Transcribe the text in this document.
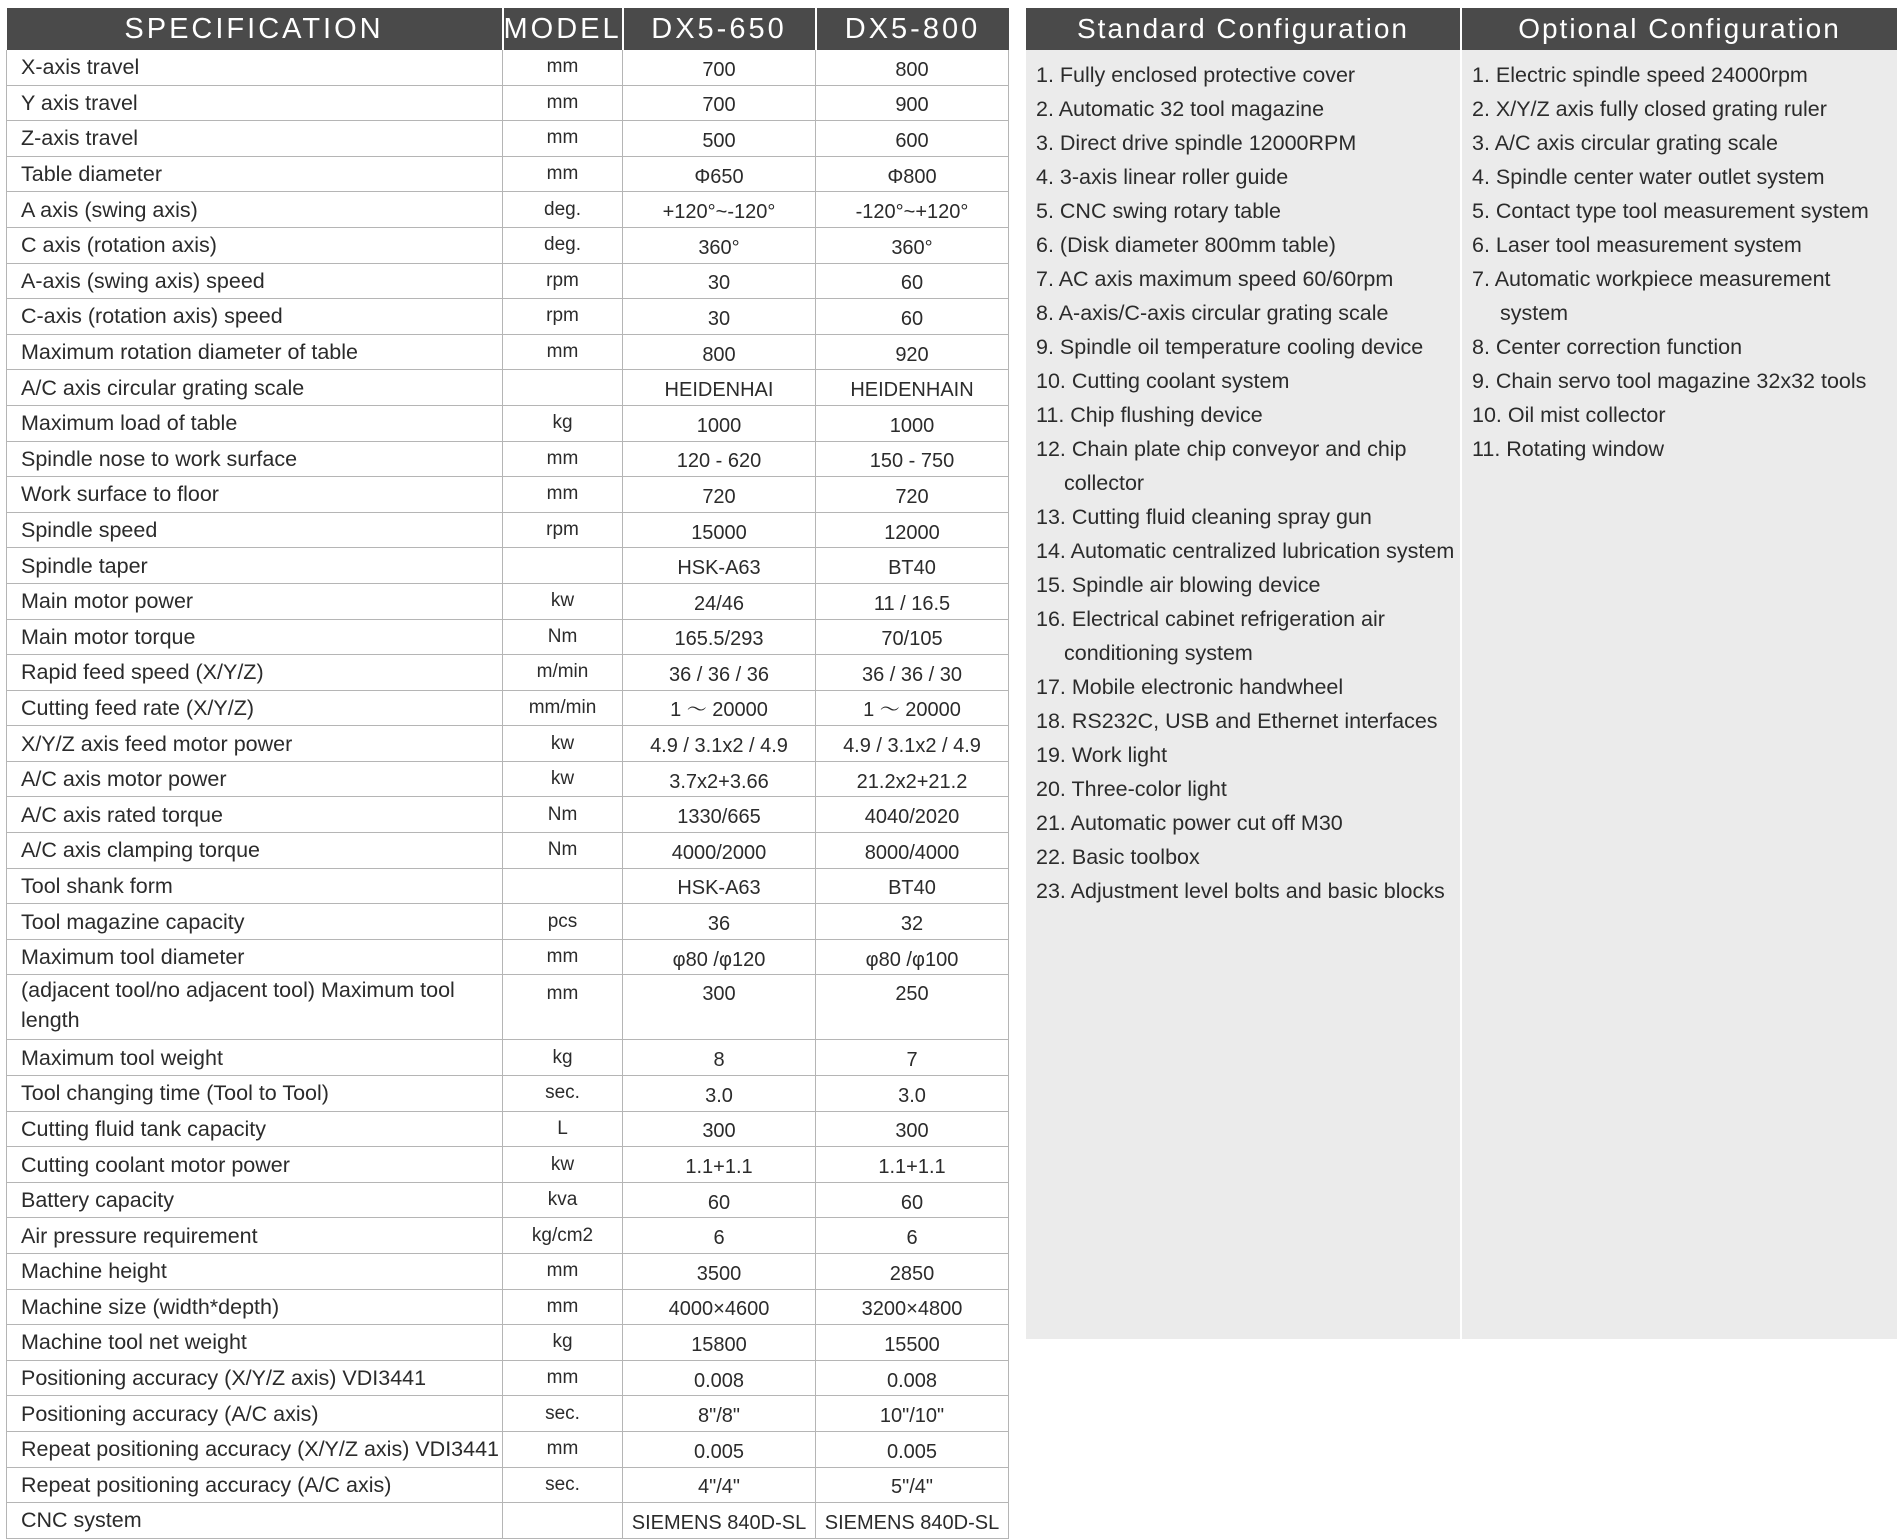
SPECIFICATION	MODEL	DX5-650	DX5-800
X-axis travel	mm	700	800
Y axis travel	mm	700	900
Z-axis travel	mm	500	600
Table diameter	mm	Φ650	Φ800
A axis (swing axis)	deg.	+120°~-120°	-120°~+120°
C axis (rotation axis)	deg.	360°	360°
A-axis (swing axis) speed	rpm	30	60
C-axis (rotation axis) speed	rpm	30	60
Maximum rotation diameter of table	mm	800	920
A/C axis circular grating scale		HEIDENHAI	HEIDENHAIN
Maximum load of table	kg	1000	1000
Spindle nose to work surface	mm	120 - 620	150 - 750
Work surface to floor	mm	720	720
Spindle speed	rpm	15000	12000
Spindle taper		HSK-A63	BT40
Main motor power	kw	24/46	11 / 16.5
Main motor torque	Nm	165.5/293	70/105
Rapid feed speed (X/Y/Z)	m/min	36 / 36 / 36	36 / 36 / 30
Cutting feed rate (X/Y/Z)	mm/min	1 ～ 20000	1 ～ 20000
X/Y/Z axis feed motor power	kw	4.9 / 3.1x2 / 4.9	4.9 / 3.1x2 / 4.9
A/C axis motor power	kw	3.7x2+3.66	21.2x2+21.2
A/C axis rated torque	Nm	1330/665	4040/2020
A/C axis clamping torque	Nm	4000/2000	8000/4000
Tool shank form		HSK-A63	BT40
Tool magazine capacity	pcs	36	32
Maximum tool diameter	mm	φ80 /φ120	φ80 /φ100
(adjacent tool/no adjacent tool) Maximum tool length	mm	300	250
Maximum tool weight	kg	8	7
Tool changing time (Tool to Tool)	sec.	3.0	3.0
Cutting fluid tank capacity	L	300	300
Cutting coolant motor power	kw	1.1+1.1	1.1+1.1
Battery capacity	kva	60	60
Air pressure requirement	kg/cm2	6	6
Machine height	mm	3500	2850
Machine size (width*depth)	mm	4000×4600	3200×4800
Machine tool net weight	kg	15800	15500
Positioning accuracy (X/Y/Z axis) VDI3441	mm	0.008	0.008
Positioning accuracy (A/C axis)	sec.	8"/8"	10"/10"
Repeat positioning accuracy (X/Y/Z axis) VDI3441	mm	0.005	0.005
Repeat positioning accuracy (A/C axis)	sec.	4"/4"	5"/4"
CNC system		SIEMENS 840D-SL	SIEMENS 840D-SL
Standard Configuration
1. Fully enclosed protective cover
2. Automatic 32 tool magazine
3. Direct drive spindle 12000RPM
4. 3-axis linear roller guide
5. CNC swing rotary table
6. (Disk diameter 800mm table)
7. AC axis maximum speed 60/60rpm
8. A-axis/C-axis circular grating scale
9. Spindle oil temperature cooling device
10. Cutting coolant system
11. Chip flushing device
12. Chain plate chip conveyor and chip collector
13. Cutting fluid cleaning spray gun
14. Automatic centralized lubrication system
15. Spindle air blowing device
16. Electrical cabinet refrigeration air conditioning system
17. Mobile electronic handwheel
18. RS232C, USB and Ethernet interfaces
19. Work light
20. Three-color light
21. Automatic power cut off M30
22. Basic toolbox
23. Adjustment level bolts and basic blocks
Optional Configuration
1. Electric spindle speed 24000rpm
2. X/Y/Z axis fully closed grating ruler
3. A/C axis circular grating scale
4. Spindle center water outlet system
5. Contact type tool measurement system
6. Laser tool measurement system
7. Automatic workpiece measurement system
8. Center correction function
9. Chain servo tool magazine 32x32 tools
10. Oil mist collector
11. Rotating window
